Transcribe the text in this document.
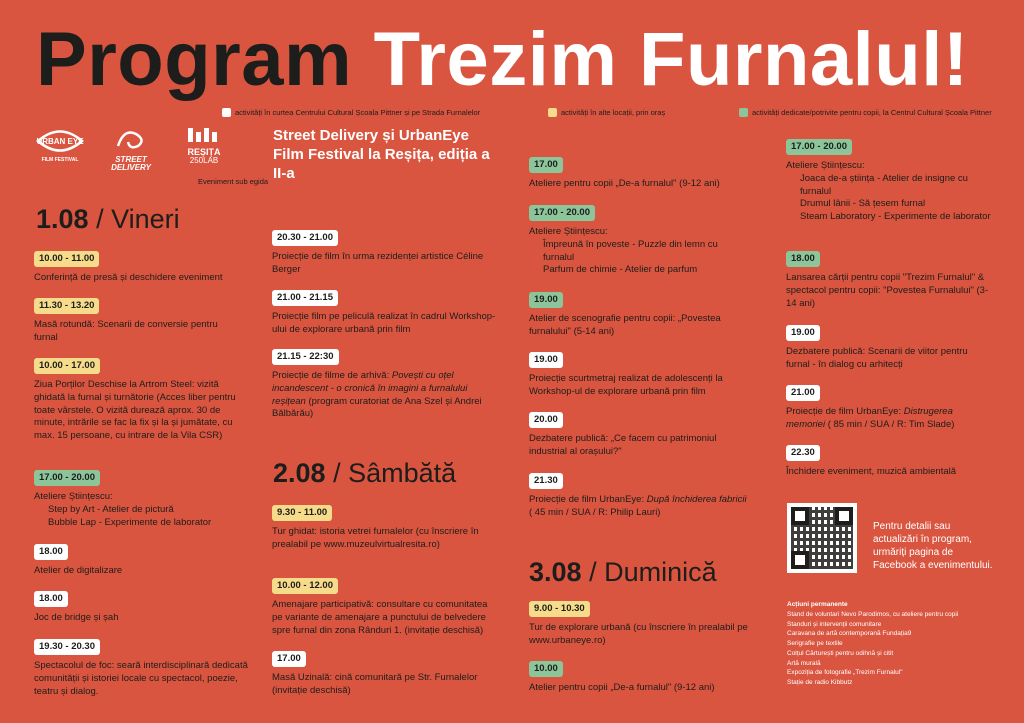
Program Trezim Furnalul!
activități în curtea Centrului Cultural Școala Pittner și pe Strada Furnalelor	activități în alte locații, prin oraș	activități dedicate/potrivite pentru copii, la Centrul Cultural Școala Pittner
URBAN EYE
FILM FESTIVAL	STREET DELIVERY
REȘIȚA
250LAB
Eveniment sub egida
Street Delivery și UrbanEye Film Festival la Reșița, ediția a II-a
1.08 / Vineri
2.08 / Sâmbătă
3.08 / Duminică
10.00 - 11.00
Conferință de presă și deschidere eveniment
11.30 - 13.20
Masă rotundă: Scenarii de conversie pentru furnal
10.00 - 17.00
Ziua Porților Deschise la Artrom Steel: vizită ghidată la furnal și turnătorie (Acces liber pentru toate vârstele. O vizită durează aprox. 30 de minute, intrările se fac la fix și la și jumătate, cu max. 15 persoane, cu intrare de la Vila CSR)
17.00 - 20.00
Ateliere Științescu:
Step by Art - Atelier de pictură
Bubble Lap - Experimente de laborator
18.00
Atelier de digitalizare
18.00
Joc de bridge și șah
19.30 - 20.30
Spectacolul de foc: seară interdisciplinară dedicată comunității și istoriei locale cu spectacol, poezie, teatru și dialog.
20.30 - 21.00
Proiecție de film în urma rezidenței artistice Céline Berger
21.00 - 21.15
Proiecție film pe peliculă realizat în cadrul Workshop-ului de explorare urbană prin film
21.15 - 22:30
Proiecție de filme de arhivă: Povești cu oțel incandescent - o cronică în imagini a furnalului reșițean (program curatoriat de Ana Szel și Andrei Bălbărău)
9.30 - 11.00
Tur ghidat: istoria vetrei furnalelor (cu înscriere în prealabil pe www.muzeulvirtualresita.ro)
10.00 - 12.00
Amenajare participativă: consultare cu comunitatea pe variante de amenajare a punctului de belvedere spre furnal din zona Rânduri 1. (invitație deschisă)
17.00
Masă Uzinală: cină comunitară pe Str. Furnalelor (invitație deschisă)
17.00
Ateliere pentru copii „De-a furnalul" (9-12 ani)
17.00 - 20.00
Ateliere Științescu:
Împreună în poveste - Puzzle din lemn cu furnalul
Parfum de chimie - Atelier de parfum
19.00
Atelier de scenografie pentru copii: „Povestea furnalului" (5-14 ani)
19.00
Proiecție scurtmetraj realizat de adolescenți la Workshop-ul de explorare urbană prin film
20.00
Dezbatere publică: „Ce facem cu patrimoniul industrial al orașului?"
21.30
Proiecție de film UrbanEye: După închiderea fabricii ( 45 min / SUA / R: Philip Lauri)
9.00 - 10.30
Tur de explorare urbană (cu înscriere în prealabil pe www.urbaneye.ro)
10.00
Atelier pentru copii „De-a furnalul" (9-12 ani)
17.00 - 20.00
Ateliere Științescu:
Joaca de-a știința - Atelier de insigne cu furnalul
Drumul lânii - Să țesem furnal
Steam Laboratory - Experimente de laborator
18.00
Lansarea cărții pentru copii "Trezim Furnalul" & spectacol pentru copii: "Povestea Furnalului" (3-14 ani)
19.00
Dezbatere publică: Scenarii de viitor pentru furnal - în dialog cu arhitecți
21.00
Proiecție de film UrbanEye: Distrugerea memoriei ( 85 min / SUA / R: Tim Slade)
22.30
Închidere eveniment, muzică ambientală
Pentru detalii sau actualizări în program, urmăriți pagina de Facebook a evenimentului.
Acțiuni permanente
Stand de voluntari Nevo Parodimos, cu ateliere pentru copii
Standuri și intervenții comunitare
Caravana de artă contemporană Fundația9
Serigrafie pe textile
Colțul Cărturești pentru odihnă și citit
Artă murală
Expoziția de fotografie „Trezim Furnalul"
Stație de radio Kibbutz
